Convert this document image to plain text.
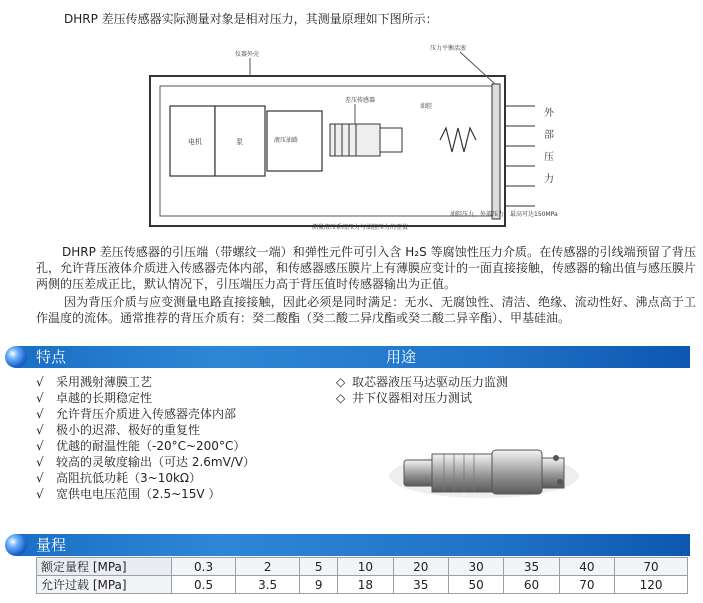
DHRP 差压传感器实际测量对象是相对压力，其测量原理如下图所示：
电机	泵	液压油路
差压传感器
油腔
外
部
压
力
仪器外壳
压力平衡活塞
测量液压系统压力与油腔压力的差值
油腔压力，外部压力，最高可达150MPa
DHRP 差压传感器的引压端（带螺纹一端）和弹性元件可引入含 H₂S 等腐蚀性压力介质。在传感器的引线端预留了背压孔，允许背压液体介质进入传感器壳体内部，和传感器感压膜片上有薄膜应变计的一面直接接触，传感器的输出值与感压膜片两侧的压差成正比，默认情况下，引压端压力高于背压值时传感器输出为正值。
因为背压介质与应变测量电路直接接触，因此必须是同时满足：无水、无腐蚀性、清洁、绝缘、流动性好、沸点高于工作温度的流体。通常推荐的背压介质有：癸二酸酯（癸二酸二异戊酯或癸二酸二异辛酯）、甲基硅油。
特点	用途
√ 采用溅射薄膜工艺
√ 卓越的长期稳定性
√ 允许背压介质进入传感器壳体内部
√ 极小的迟滞、极好的重复性
√ 优越的耐温性能（-20°C~200°C）
√ 较高的灵敏度输出（可达 2.6mV/V）
√ 高阻抗低功耗（3~10kΩ）
√ 宽供电电压范围（2.5~15V ）
◇ 取芯器液压马达驱动压力监测
◇ 井下仪器相对压力测试
量程
额定量程 [MPa]	0.3	2	5	10	20	30	35	40	70
允许过载 [MPa]	0.5	3.5	9	18	35	50	60	70	120
